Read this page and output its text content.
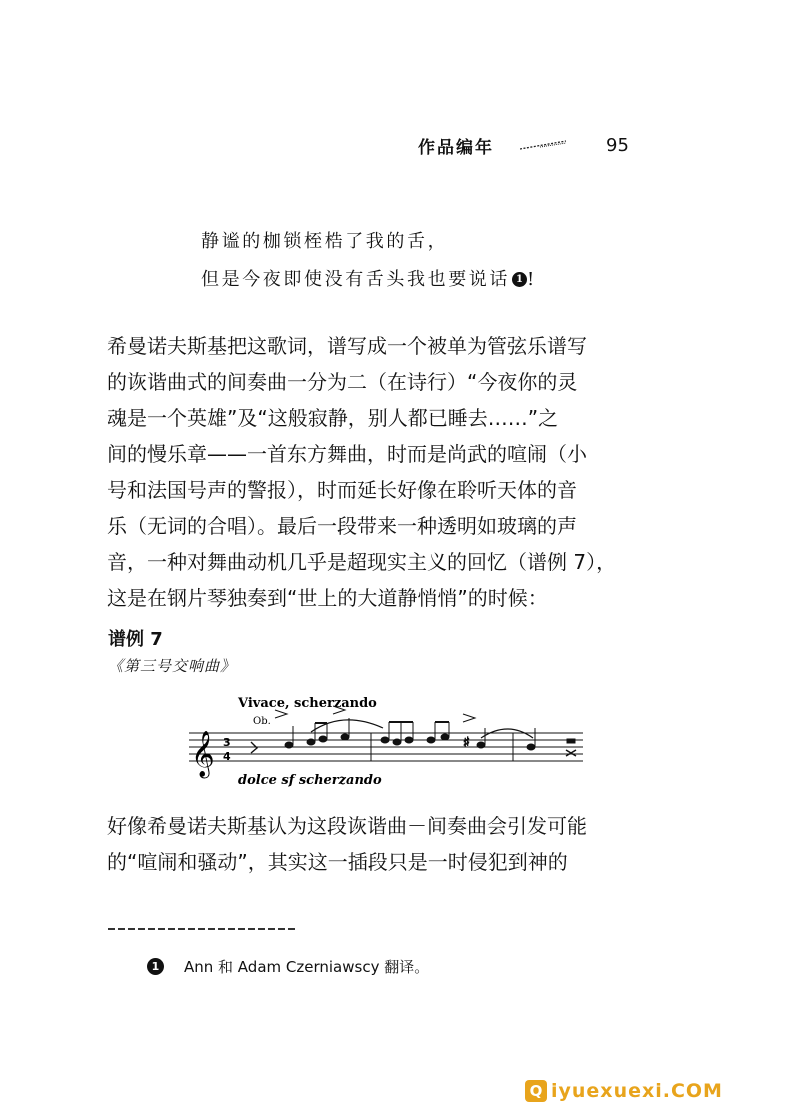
作品编年	95
静谧的枷锁桎梏了我的舌，
但是今夜即使没有舌头我也要说话 1 !
希曼诺夫斯基把这歌词，谱写成一个被单为管弦乐谱写
的诙谐曲式的间奏曲一分为二（在诗行）“今夜你的灵
魂是一个英雄”及“这般寂静，别人都已睡去……”之
间的慢乐章——一首东方舞曲，时而是尚武的喧闹（小
号和法国号声的警报），时而延长好像在聆听天体的音
乐（无词的合唱）。最后一段带来一种透明如玻璃的声
音，一种对舞曲动机几乎是超现实主义的回忆（谱例 7），
这是在钢片琴独奏到“世上的大道静悄悄”的时候：
谱例 7
《第三号交响曲》
Vivace, scherzando
Ob.
𝄞 3
4
♯
dolce sf scherzando
好像希曼诺夫斯基认为这段诙谐曲－间奏曲会引发可能
的“喧闹和骚动”，其实这一插段只是一时侵犯到神的
1	Ann 和 Adam Czerniawscy 翻译。
Q iyuexuexi.COM
